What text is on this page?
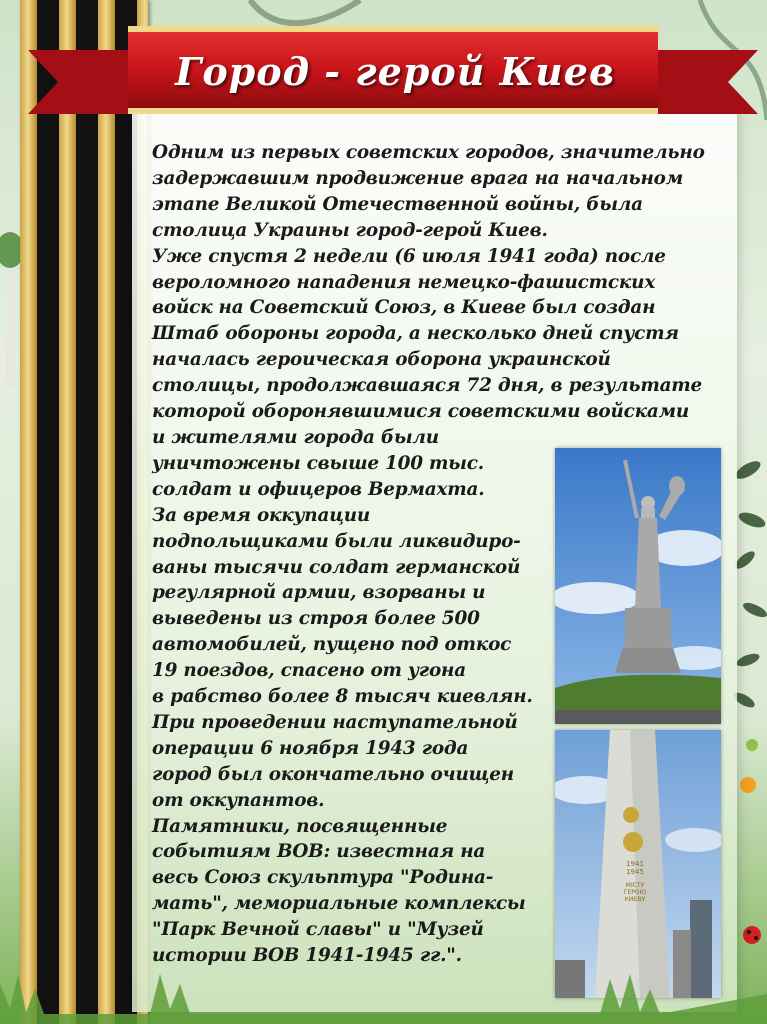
Город - герой Киев
Одним из первых советских городов, значительно
задержавшим продвижение врага на начальном
этапе Великой Отечественной войны, была
столица Украины город-герой Киев.
Уже спустя 2 недели (6 июля 1941 года) после
вероломного нападения немецко-фашистских
войск на Советский Союз, в Киеве был создан
Штаб обороны города, а несколько дней спустя
началась героическая оборона украинской
столицы, продолжавшаяся 72 дня, в результате
которой оборонявшимися советскими войсками
и жителями города были
уничтожены свыше 100 тыс.
солдат и офицеров Вермахта.
За время оккупации
подпольщиками были ликвидиро-
ваны тысячи солдат германской
регулярной армии, взорваны и
выведены из строя более 500
автомобилей, пущено под откос
19 поездов, спасено от угона
в рабство более 8 тысяч киевлян.
При проведении наступательной
операции 6 ноября 1943 года
город был окончательно очищен
от оккупантов.
Памятники, посвященные
событиям ВОВ: известная на
весь Союз скульптура "Родина-
мать", мемориальные комплексы
"Парк Вечной славы" и "Музей
истории ВОВ 1941-1945 гг.".
1941
1945
МІСТУ
ГЕРОЮ
КИЄВУ
